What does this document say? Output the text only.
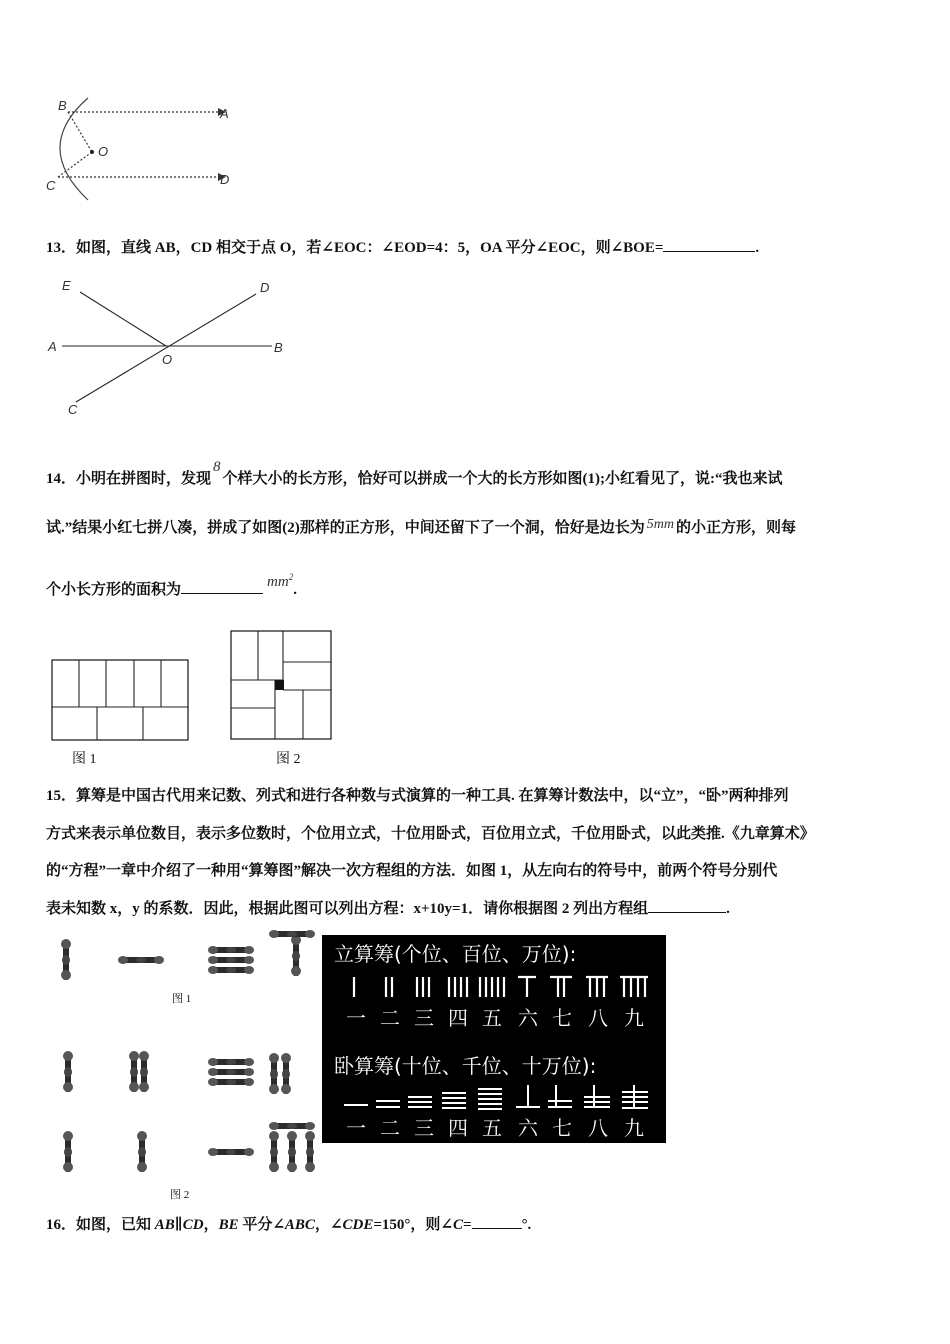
B
A
O
C	D
13．如图，直线 AB，CD 相交于点 O，若∠EOC：∠EOD=4：5，OA 平分∠EOC，则∠BOE=	.
E	D
A
O
B
C
14．小明在拼图时，发现8个样大小的长方形，恰好可以拼成一个大的长方形如图(1);小红看见了，说:“我也来试
试.”结果小红七拼八凑，拼成了如图(2)那样的正方形，中间还留下了一个洞，恰好是边长为 5mm 的小正方形，则每
个小长方形的面积为	$mm^2$.
图 1	图 2
15．算筹是中国古代用来记数、列式和进行各种数与式演算的一种工具. 在算筹计数法中，以“立”，“卧”两种排列
方式来表示单位数目，表示多位数时，个位用立式，十位用卧式，百位用立式，千位用卧式，以此类推.《九章算术》
的“方程”一章中介绍了一种用“算筹图”解决一次方程组的方法．如图 1，从左向右的符号中，前两个符号分别代
表未知数 x，y 的系数．因此，根据此图可以列出方程：x+10y=1．请你根据图 2 列出方程组	.
图 1
图 2
立算筹(个位、百位、万位):
一 二 三 四 五 六 七 八 九
卧算筹(十位、千位、十万位):
一 二 三 四 五 六 七 八 九
16．如图，已知 AB∥CD，BE 平分∠ABC，∠CDE=150°，则∠C=	°.
